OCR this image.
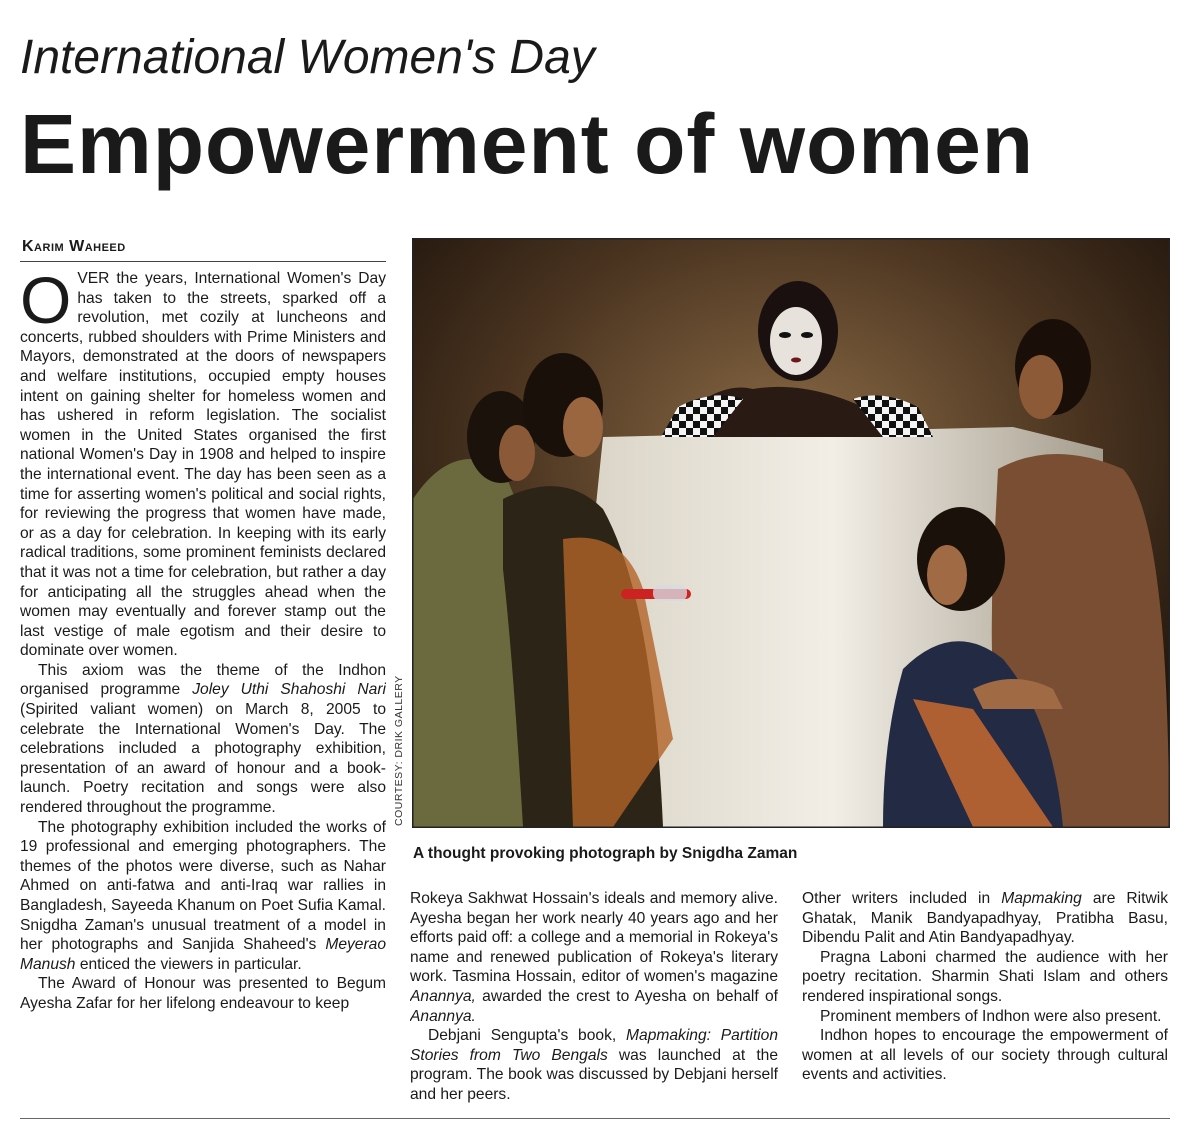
International Women's Day
Empowerment of women
Karim Waheed

OVER the years, International Women's Day has taken to the streets, sparked off a revolution, met cozily at luncheons and concerts, rubbed shoulders with Prime Ministers and Mayors, demonstrated at the doors of newspapers and welfare institutions, occupied empty houses intent on gaining shelter for homeless women and has ushered in reform legislation. The socialist women in the United States organised the first national Women's Day in 1908 and helped to inspire the international event. The day has been seen as a time for asserting women's political and social rights, for reviewing the progress that women have made, or as a day for celebration. In keeping with its early radical traditions, some prominent feminists declared that it was not a time for celebration, but rather a day for anticipating all the struggles ahead when the women may eventually and forever stamp out the last vestige of male egotism and their desire to dominate over women.

This axiom was the theme of the Indhon organised programme Joley Uthi Shahoshi Nari (Spirited valiant women) on March 8, 2005 to celebrate the International Women's Day. The celebrations included a photography exhibition, presentation of an award of honour and a book-launch. Poetry recitation and songs were also rendered throughout the programme.

The photography exhibition included the works of 19 professional and emerging photographers. The themes of the photos were diverse, such as Nahar Ahmed on anti-fatwa and anti-Iraq war rallies in Bangladesh, Sayeeda Khanum on Poet Sufia Kamal. Snigdha Zaman's unusual treatment of a model in her photographs and Sanjida Shaheed's Meyerao Manush enticed the viewers in particular.

The Award of Honour was presented to Begum Ayesha Zafar for her lifelong endeavour to keep

COURTESY: DRIK GALLERY
A thought provoking photograph by Snigdha Zaman

Rokeya Sakhwat Hossain's ideals and memory alive. Ayesha began her work nearly 40 years ago and her efforts paid off: a college and a memorial in Rokeya's name and renewed publication of Rokeya's literary work. Tasmina Hossain, editor of women's magazine Anannya, awarded the crest to Ayesha on behalf of Anannya.

Debjani Sengupta's book, Mapmaking: Partition Stories from Two Bengals was launched at the program. The book was discussed by Debjani herself and her peers.

Other writers included in Mapmaking are Ritwik Ghatak, Manik Bandyapadhyay, Pratibha Basu, Dibendu Palit and Atin Bandyapadhyay.

Pragna Laboni charmed the audience with her poetry recitation. Sharmin Shati Islam and others rendered inspirational songs.

Prominent members of Indhon were also present.

Indhon hopes to encourage the empowerment of women at all levels of our society through cultural events and activities.
